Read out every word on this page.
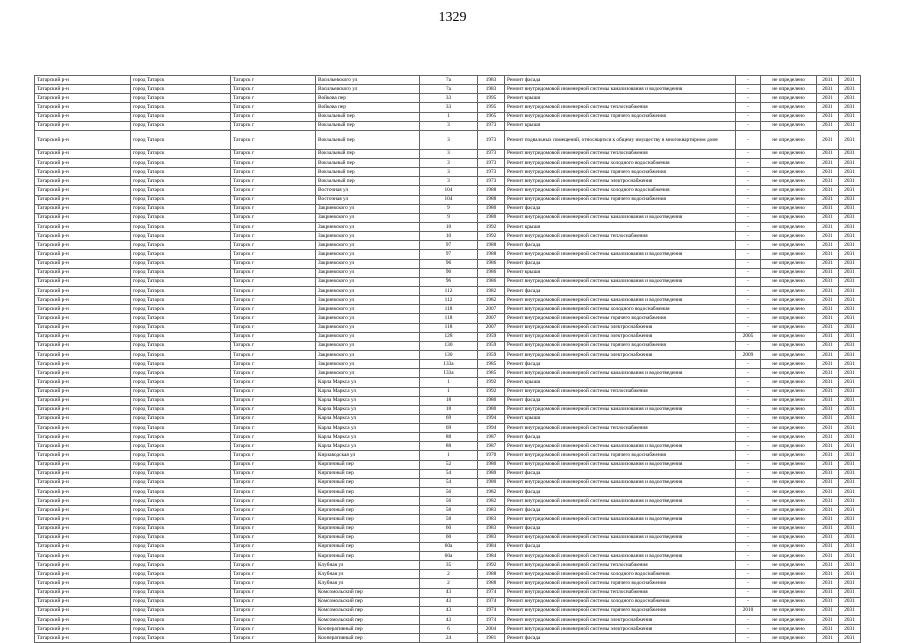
1329
Татарский р-н	город Татарск	Татарск г	Васильевского ул	7а	1983	Ремонт фасада	-	не определено	2031	2031
Татарский р-н	город Татарск	Татарск г	Васильевского ул	7а	1983	Ремонт внутридомовой инженерной системы канализования и водоотведения	-	не определено	2031	2031
Татарский р-н	город Татарск	Татарск г	Войкова пер	33	1995	Ремонт крыши	-	не определено	2031	2031
Татарский р-н	город Татарск	Татарск г	Войкова пер	33	1995	Ремонт внутридомовой инженерной системы теплоснабжения	-	не определено	2031	2031
Татарский р-н	город Татарск	Татарск г	Вокзальный пер	1	1965	Ремонт внутридомовой инженерной системы горячего водоснабжения	-	не определено	2031	2031
Татарский р-н	город Татарск	Татарск г	Вокзальный пер	3	1973	Ремонт крыши	-	не определено	2031	2031
Татарский р-н	город Татарск	Татарск г	Вокзальный пер	3	1973	Ремонт подвальных помещений, относящихся к общему имуществу в многоквартирном доме	-	не определено	2031	2031
Татарский р-н	город Татарск	Татарск г	Вокзальный пер	3	1973	Ремонт внутридомовой инженерной системы теплоснабжения	-	не определено	2031	2031
Татарский р-н	город Татарск	Татарск г	Вокзальный пер	3	1973	Ремонт внутридомовой инженерной системы холодного водоснабжения	-	не определено	2031	2031
Татарский р-н	город Татарск	Татарск г	Вокзальный пер	3	1973	Ремонт внутридомовой инженерной системы горячего водоснабжения	-	не определено	2031	2031
Татарский р-н	город Татарск	Татарск г	Вокзальный пер	3	1973	Ремонт внутридомовой инженерной системы электроснабжения	-	не определено	2031	2031
Татарский р-н	город Татарск	Татарск г	Восточная ул	104	1988	Ремонт внутридомовой инженерной системы холодного водоснабжения	-	не определено	2031	2031
Татарский р-н	город Татарск	Татарск г	Восточная ул	104	1988	Ремонт внутридомовой инженерной системы горячего водоснабжения	-	не определено	2031	2031
Татарский р-н	город Татарск	Татарск г	Закриевского ул	9	1980	Ремонт фасада	-	не определено	2031	2031
Татарский р-н	город Татарск	Татарск г	Закриевского ул	9	1980	Ремонт внутридомовой инженерной системы канализования и водоотведения	-	не определено	2031	2031
Татарский р-н	город Татарск	Татарск г	Закриевского ул	10	1992	Ремонт крыши	-	не определено	2031	2031
Татарский р-н	город Татарск	Татарск г	Закриевского ул	10	1992	Ремонт внутридомовой инженерной системы теплоснабжения	-	не определено	2031	2031
Татарский р-н	город Татарск	Татарск г	Закриевского ул	97	1988	Ремонт фасада	-	не определено	2031	2031
Татарский р-н	город Татарск	Татарск г	Закриевского ул	97	1988	Ремонт внутридомовой инженерной системы канализования и водоотведения	-	не определено	2031	2031
Татарский р-н	город Татарск	Татарск г	Закриевского ул	96	1986	Ремонт фасада	-	не определено	2031	2031
Татарский р-н	город Татарск	Татарск г	Закриевского ул	96	1986	Ремонт крыши	-	не определено	2031	2031
Татарский р-н	город Татарск	Татарск г	Закриевского ул	96	1986	Ремонт внутридомовой инженерной системы канализования и водоотведения	-	не определено	2031	2031
Татарский р-н	город Татарск	Татарск г	Закриевского ул	112	1982	Ремонт фасада	-	не определено	2031	2031
Татарский р-н	город Татарск	Татарск г	Закриевского ул	112	1982	Ремонт внутридомовой инженерной системы канализования и водоотведения	-	не определено	2031	2031
Татарский р-н	город Татарск	Татарск г	Закриевского ул	118	2007	Ремонт внутридомовой инженерной системы холодного водоснабжения	-	не определено	2031	2031
Татарский р-н	город Татарск	Татарск г	Закриевского ул	118	2007	Ремонт внутридомовой инженерной системы горячего водоснабжения	-	не определено	2031	2031
Татарский р-н	город Татарск	Татарск г	Закриевского ул	118	2007	Ремонт внутридомовой инженерной системы электроснабжения	-	не определено	2031	2031
Татарский р-н	город Татарск	Татарск г	Закриевского ул	128	1959	Ремонт внутридомовой инженерной системы электроснабжения	2005	не определено	2031	2031
Татарский р-н	город Татарск	Татарск г	Закриевского ул	130	1959	Ремонт внутридомовой инженерной системы горячего водоснабжения	-	не определено	2031	2031
Татарский р-н	город Татарск	Татарск г	Закриевского ул	130	1959	Ремонт внутридомовой инженерной системы электроснабжения	2009	не определено	2031	2031
Татарский р-н	город Татарск	Татарск г	Закриевского ул	133а	1985	Ремонт фасада	-	не определено	2031	2031
Татарский р-н	город Татарск	Татарск г	Закриевского ул	133а	1985	Ремонт внутридомовой инженерной системы канализования и водоотведения	-	не определено	2031	2031
Татарский р-н	город Татарск	Татарск г	Карла Маркса ул	1	1992	Ремонт крыши	-	не определено	2031	2031
Татарский р-н	город Татарск	Татарск г	Карла Маркса ул	1	1992	Ремонт внутридомовой инженерной системы теплоснабжения	-	не определено	2031	2031
Татарский р-н	город Татарск	Татарск г	Карла Маркса ул	18	1980	Ремонт фасада	-	не определено	2031	2031
Татарский р-н	город Татарск	Татарск г	Карла Маркса ул	18	1980	Ремонт внутридомовой инженерной системы канализования и водоотведения	-	не определено	2031	2031
Татарский р-н	город Татарск	Татарск г	Карла Маркса ул	69	1994	Ремонт крыши	-	не определено	2031	2031
Татарский р-н	город Татарск	Татарск г	Карла Маркса ул	69	1994	Ремонт внутридомовой инженерной системы теплоснабжения	-	не определено	2031	2031
Татарский р-н	город Татарск	Татарск г	Карла Маркса ул	88	1987	Ремонт фасада	-	не определено	2031	2031
Татарский р-н	город Татарск	Татарск г	Карла Маркса ул	88	1987	Ремонт внутридомовой инженерной системы канализования и водоотведения	-	не определено	2031	2031
Татарский р-н	город Татарск	Татарск г	Кирзаводская ул	1	1970	Ремонт внутридомовой инженерной системы горячего водоснабжения	-	не определено	2031	2031
Татарский р-н	город Татарск	Татарск г	Кирпичный пер	52	1980	Ремонт внутридомовой инженерной системы канализования и водоотведения	-	не определено	2031	2031
Татарский р-н	город Татарск	Татарск г	Кирпичный пер	54	1980	Ремонт фасада	-	не определено	2031	2031
Татарский р-н	город Татарск	Татарск г	Кирпичный пер	54	1980	Ремонт внутридомовой инженерной системы канализования и водоотведения	-	не определено	2031	2031
Татарский р-н	город Татарск	Татарск г	Кирпичный пер	56	1982	Ремонт фасада	-	не определено	2031	2031
Татарский р-н	город Татарск	Татарск г	Кирпичный пер	56	1982	Ремонт внутридомовой инженерной системы канализования и водоотведения	-	не определено	2031	2031
Татарский р-н	город Татарск	Татарск г	Кирпичный пер	58	1983	Ремонт фасада	-	не определено	2031	2031
Татарский р-н	город Татарск	Татарск г	Кирпичный пер	58	1983	Ремонт внутридомовой инженерной системы канализования и водоотведения	-	не определено	2031	2031
Татарский р-н	город Татарск	Татарск г	Кирпичный пер	60	1983	Ремонт фасада	-	не определено	2031	2031
Татарский р-н	город Татарск	Татарск г	Кирпичный пер	60	1983	Ремонт внутридомовой инженерной системы канализования и водоотведения	-	не определено	2031	2031
Татарский р-н	город Татарск	Татарск г	Кирпичный пер	60а	1984	Ремонт фасада	-	не определено	2031	2031
Татарский р-н	город Татарск	Татарск г	Кирпичный пер	60а	1984	Ремонт внутридомовой инженерной системы канализования и водоотведения	-	не определено	2031	2031
Татарский р-н	город Татарск	Татарск г	Клубная ул	35	1992	Ремонт внутридомовой инженерной системы теплоснабжения	-	не определено	2031	2031
Татарский р-н	город Татарск	Татарск г	Клубная ул	2	1988	Ремонт внутридомовой инженерной системы холодного водоснабжения	-	не определено	2031	2031
Татарский р-н	город Татарск	Татарск г	Клубная ул	2	1988	Ремонт внутридомовой инженерной системы горячего водоснабжения	-	не определено	2031	2031
Татарский р-н	город Татарск	Татарск г	Комсомольский пер	43	1974	Ремонт внутридомовой инженерной системы теплоснабжения	-	не определено	2031	2031
Татарский р-н	город Татарск	Татарск г	Комсомольский пер	43	1974	Ремонт внутридомовой инженерной системы холодного водоснабжения	-	не определено	2031	2031
Татарский р-н	город Татарск	Татарск г	Комсомольский пер	43	1974	Ремонт внутридомовой инженерной системы горячего водоснабжения	2010	не определено	2031	2031
Татарский р-н	город Татарск	Татарск г	Комсомольский пер	43	1974	Ремонт внутридомовой инженерной системы электроснабжения	-	не определено	2031	2031
Татарский р-н	город Татарск	Татарск г	Кооперативный пер	6	2004	Ремонт внутридомовой инженерной системы электроснабжения	-	не определено	2031	2031
Татарский р-н	город Татарск	Татарск г	Кооперативный пер	24	1981	Ремонт фасада	-	не определено	2031	2031
